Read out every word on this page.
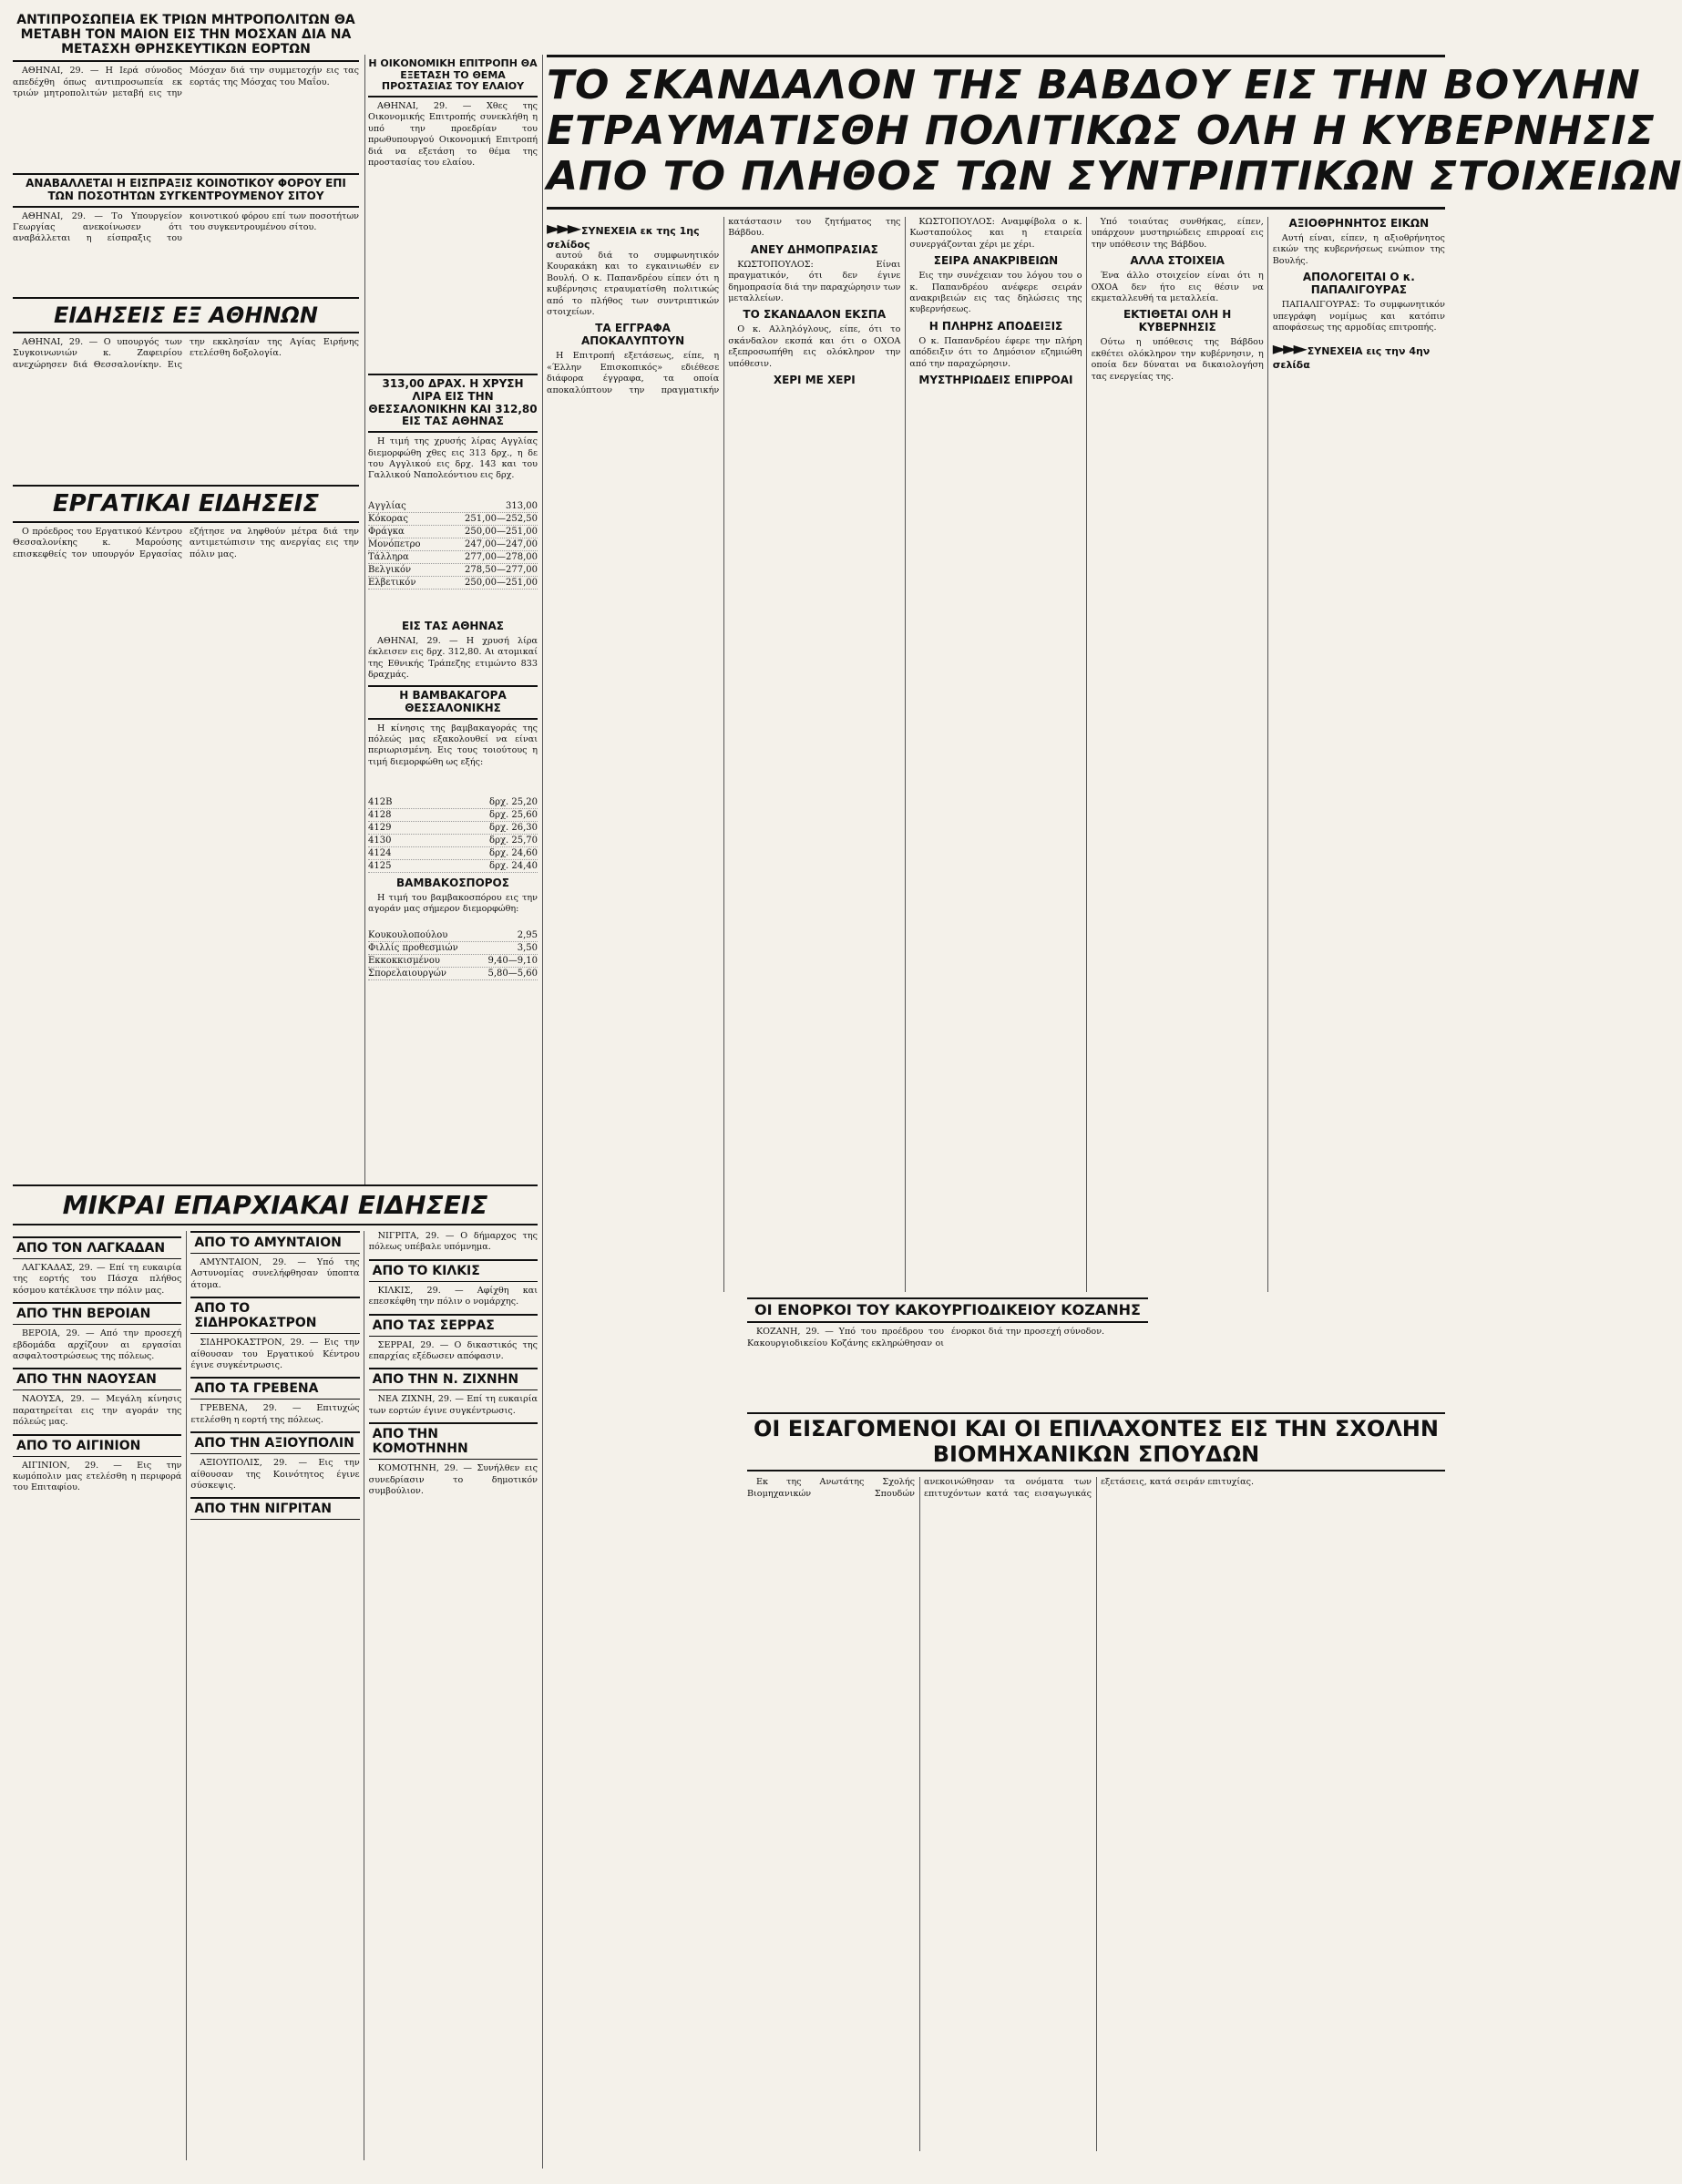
ΑΝΤΙΠΡΟΣΩΠΕΙΑ ΕΚ ΤΡΙΩΝ ΜΗΤΡΟΠΟΛΙΤΩΝ ΘΑ ΜΕΤΑΒΗ ΤΟΝ ΜΑΙΟΝ ΕΙΣ ΤΗΝ ΜΟΣΧΑΝ ΔΙΑ ΝΑ ΜΕΤΑΣΧΗ ΘΡΗΣΚΕΥΤΙΚΩΝ ΕΟΡΤΩΝ

ΑΘΗΝΑΙ, 29. — Η Ιερά σύνοδος απεδέχθη όπως αντιπροσωπεία εκ τριών μητροπολιτών μεταβή εις την Μόσχαν διά την συμμετοχήν εις τας εορτάς της Μόσχας του Μαΐου.

Η ΟΙΚΟΝΟΜΙΚΗ ΕΠΙΤΡΟΠΗ ΘΑ ΕΞΕΤΑΣΗ ΤΟ ΘΕΜΑ ΠΡΟΣΤΑΣΙΑΣ ΤΟΥ ΕΛΑΙΟΥ

ΑΘΗΝΑΙ, 29. — Χθες της Οικονομικής Επιτροπής συνεκλήθη η υπό την προεδρίαν του πρωθυπουργού Οικονομική Επιτροπή διά να εξετάση το θέμα της προστασίας του ελαίου.

ΑΝΑΒΑΛΛΕΤΑΙ Η ΕΙΣΠΡΑΞΙΣ ΚΟΙΝΟΤΙΚΟΥ ΦΟΡΟΥ ΕΠΙ ΤΩΝ ΠΟΣΟΤΗΤΩΝ ΣΥΓΚΕΝΤΡΟΥΜΕΝΟΥ ΣΙΤΟΥ

ΑΘΗΝΑΙ, 29. — Το Υπουργείον Γεωργίας ανεκοίνωσεν ότι αναβάλλεται η είσπραξις του κοινοτικού φόρου επί των ποσοτήτων του συγκεντρουμένου σίτου.

ΕΙΔΗΣΕΙΣ ΕΞ ΑΘΗΝΩΝ

ΑΘΗΝΑΙ, 29. — Ο υπουργός των Συγκοινωνιών κ. Ζαφειρίου ανεχώρησεν διά Θεσσαλονίκην. Εις την εκκλησίαν της Αγίας Ειρήνης ετελέσθη δοξολογία.

ΕΡΓΑΤΙΚΑΙ ΕΙΔΗΣΕΙΣ

Ο πρόεδρος του Εργατικού Κέντρου Θεσσαλονίκης κ. Μαρούσης επισκεφθείς τον υπουργόν Εργασίας εζήτησε να ληφθούν μέτρα διά την αντιμετώπισιν της ανεργίας εις την πόλιν μας.

313,00 ΔΡΑΧ. Η ΧΡΥΣΗ ΛΙΡΑ ΕΙΣ ΤΗΝ ΘΕΣΣΑΛΟΝΙΚΗΝ ΚΑΙ 312,80 ΕΙΣ ΤΑΣ ΑΘΗΝΑΣ

Η τιμή της χρυσής λίρας Αγγλίας διεμορφώθη χθες εις 313 δρχ., η δε του Αγγλικού εις δρχ. 143 και του Γαλλικού Ναπολεόντιου εις δρχ.

Αγγλίας	313,00
Κόκορας	251,00—252,50
Φράγκα	250,00—251,00
Μονόπετρο	247,00—247,00
Τάλληρα	277,00—278,00
Βελγικόν	278,50—277,00
Ελβετικόν	250,00—251,00
ΕΙΣ ΤΑΣ ΑΘΗΝΑΣ

ΑΘΗΝΑΙ, 29. — Η χρυσή λίρα έκλεισεν εις δρχ. 312,80. Αι ατομικαί της Εθνικής Τράπεζης ετιμώντο 833 δραχμάς.

Η ΒΑΜΒΑΚΑΓΟΡΑ ΘΕΣΣΑΛΟΝΙΚΗΣ

Η κίνησις της βαμβακαγοράς της πόλεώς μας εξακολουθεί να είναι περιωρισμένη. Εις τους τοιούτους η τιμή διεμορφώθη ως εξής:

412Β	δρχ. 25,20
4128	δρχ. 25,60
4129	δρχ. 26,30
4130	δρχ. 25,70
4124	δρχ. 24,60
4125	δρχ. 24,40
ΒΑΜΒΑΚΟΣΠΟΡΟΣ

Η τιμή του βαμβακοσπόρου εις την αγοράν μας σήμερον διεμορφώθη:

Κουκουλοπούλου	2,95
Φιλλίς προθεσμιών	3,50
Εκκοκκισμένου	9,40—9,10
Σπορελαιουργών	5,80—5,60
ΜΙΚΡΑΙ ΕΠΑΡΧΙΑΚΑΙ ΕΙΔΗΣΕΙΣ
ΑΠΟ ΤΟΝ ΛΑΓΚΑΔΑΝ

ΛΑΓΚΑΔΑΣ, 29. — Επί τη ευκαιρία της εορτής του Πάσχα πλήθος κόσμου κατέκλυσε την πόλιν μας.

ΑΠΟ ΤΗΝ ΒΕΡΟΙΑΝ

ΒΕΡΟΙΑ, 29. — Από την προσεχή εβδομάδα αρχίζουν αι εργασίαι ασφαλτοστρώσεως της πόλεως.

ΑΠΟ ΤΗΝ ΝΑΟΥΣΑΝ

ΝΑΟΥΣΑ, 29. — Μεγάλη κίνησις παρατηρείται εις την αγοράν της πόλεώς μας.

ΑΠΟ ΤΟ ΑΙΓΙΝΙΟΝ

ΑΙΓΙΝΙΟΝ, 29. — Εις την κωμόπολιν μας ετελέσθη η περιφορά του Επιταφίου.

ΑΠΟ ΤΟ ΑΜΥΝΤΑΙΟΝ

ΑΜΥΝΤΑΙΟΝ, 29. — Υπό της Αστυνομίας συνελήφθησαν ύποπτα άτομα.

ΑΠΟ ΤΟ ΣΙΔΗΡΟΚΑΣΤΡΟΝ

ΣΙΔΗΡΟΚΑΣΤΡΟΝ, 29. — Εις την αίθουσαν του Εργατικού Κέντρου έγινε συγκέντρωσις.

ΑΠΟ ΤΑ ΓΡΕΒΕΝΑ

ΓΡΕΒΕΝΑ, 29. — Επιτυχώς ετελέσθη η εορτή της πόλεως.

ΑΠΟ ΤΗΝ ΑΞΙΟΥΠΟΛΙΝ

ΑΞΙΟΥΠΟΛΙΣ, 29. — Εις την αίθουσαν της Κοινότητος έγινε σύσκεψις.

ΑΠΟ ΤΗΝ ΝΙΓΡΙΤΑΝ

ΝΙΓΡΙΤΑ, 29. — Ο δήμαρχος της πόλεως υπέβαλε υπόμνημα.

ΑΠΟ ΤΟ ΚΙΛΚΙΣ

ΚΙΛΚΙΣ, 29. — Αφίχθη και επεσκέφθη την πόλιν ο νομάρχης.

ΑΠΟ ΤΑΣ ΣΕΡΡΑΣ

ΣΕΡΡΑΙ, 29. — Ο δικαστικός της επαρχίας εξέδωσεν απόφασιν.

ΑΠΟ ΤΗΝ Ν. ΖΙΧΝΗΝ

ΝΕΑ ΖΙΧΝΗ, 29. — Επί τη ευκαιρία των εορτών έγινε συγκέντρωσις.

ΑΠΟ ΤΗΝ ΚΟΜΟΤΗΝΗΝ

ΚΟΜΟΤΗΝΗ, 29. — Συνήλθεν εις συνεδρίασιν το δημοτικόν συμβούλιον.

ΤΟ ΣΚΑΝΔΑΛΟΝ ΤΗΣ ΒΑΒΔΟΥ ΕΙΣ ΤΗΝ ΒΟΥΛΗΝ
ΕΤΡΑΥΜΑΤΙΣΘΗ ΠΟΛΙΤΙΚΩΣ ΟΛΗ Η ΚΥΒΕΡΝΗΣΙΣ
ΑΠΟ ΤΟ ΠΛΗΘΟΣ ΤΩΝ ΣΥΝΤΡΙΠΤΙΚΩΝ ΣΤΟΙΧΕΙΩΝ
►►► ΣΥΝΕΧΕΙΑ εκ της 1ης σελίδος

αυτού διά το συμφωνητικόν Κουρακάκη και το εγκαινιωθέν εν Βουλή. Ο κ. Παπανδρέου είπεν ότι η κυβέρνησις ετραυματίσθη πολιτικώς από το πλήθος των συντριπτικών στοιχείων.

ΤΑ ΕΓΓΡΑΦΑ ΑΠΟΚΑΛΥΠΤΟΥΝ

Η Επιτροπή εξετάσεως, είπε, η «Έλλην Επισκοπικός» εδιέθεσε διάφορα έγγραφα, τα οποία αποκαλύπτουν την πραγματικήν κατάστασιν του ζητήματος της Βάβδου.

ΑΝΕΥ ΔΗΜΟΠΡΑΣΙΑΣ

ΚΩΣΤΟΠΟΥΛΟΣ: Είναι πραγματικόν, ότι δεν έγινε δημοπρασία διά την παραχώρησιν των μεταλλείων.

ΤΟ ΣΚΑΝΔΑΛΟΝ ΕΚΣΠΑ

Ο κ. Αλληλόγλους, είπε, ότι το σκάνδαλον εκσπά και ότι ο ΟΧΟΑ εξεπροσωπήθη εις ολόκληρον την υπόθεσιν.

ΧΕΡΙ ΜΕ ΧΕΡΙ

ΚΩΣΤΟΠΟΥΛΟΣ: Αναμφίβολα ο κ. Κωσταπούλος και η εταιρεία συνεργάζονται χέρι με χέρι.

ΣΕΙΡΑ ΑΝΑΚΡΙΒΕΙΩΝ

Εις την συνέχειαν του λόγου του ο κ. Παπανδρέου ανέφερε σειράν ανακριβειών εις τας δηλώσεις της κυβερνήσεως.

Η ΠΛΗΡΗΣ ΑΠΟΔΕΙΞΙΣ

Ο κ. Παπανδρέου έφερε την πλήρη απόδειξιν ότι το Δημόσιον εζημιώθη από την παραχώρησιν.

ΜΥΣΤΗΡΙΩΔΕΙΣ ΕΠΙΡΡΟΑΙ

Υπό τοιαύτας συνθήκας, είπεν, υπάρχουν μυστηριώδεις επιρροαί εις την υπόθεσιν της Βάβδου.

ΑΛΛΑ ΣΤΟΙΧΕΙΑ

Ένα άλλο στοιχείον είναι ότι η ΟΧΟΑ δεν ήτο εις θέσιν να εκμεταλλευθή τα μεταλλεία.

ΕΚΤΙΘΕΤΑΙ ΟΛΗ Η ΚΥΒΕΡΝΗΣΙΣ

Ούτω η υπόθεσις της Βάβδου εκθέτει ολόκληρον την κυβέρνησιν, η οποία δεν δύναται να δικαιολογήση τας ενεργείας της.

ΑΞΙΟΘΡΗΝΗΤΟΣ ΕΙΚΩΝ

Αυτή είναι, είπεν, η αξιοθρήνητος εικών της κυβερνήσεως ενώπιον της Βουλής.

ΑΠΟΛΟΓΕΙΤΑΙ Ο κ. ΠΑΠΑΛΙΓΟΥΡΑΣ

ΠΑΠΑΛΙΓΟΥΡΑΣ: Το συμφωνητικόν υπεγράφη νομίμως και κατόπιν αποφάσεως της αρμοδίας επιτροπής.

►►► ΣΥΝΕΧΕΙΑ εις την 4ην σελίδα
ΟΙ ΕΝΟΡΚΟΙ ΤΟΥ ΚΑΚΟΥΡΓΙΟΔΙΚΕΙΟΥ ΚΟΖΑΝΗΣ

ΚΟΖΑΝΗ, 29. — Υπό του προέδρου του Κακουργιοδικείου Κοζάνης εκληρώθησαν οι ένορκοι διά την προσεχή σύνοδον.

ΟΙ ΕΙΣΑΓΟΜΕΝΟΙ ΚΑΙ ΟΙ ΕΠΙΛΑΧΟΝΤΕΣ ΕΙΣ ΤΗΝ ΣΧΟΛΗΝ ΒΙΟΜΗΧΑΝΙΚΩΝ ΣΠΟΥΔΩΝ

Εκ της Ανωτάτης Σχολής Βιομηχανικών Σπουδών ανεκοινώθησαν τα ονόματα των επιτυχόντων κατά τας εισαγωγικάς εξετάσεις, κατά σειράν επιτυχίας.
